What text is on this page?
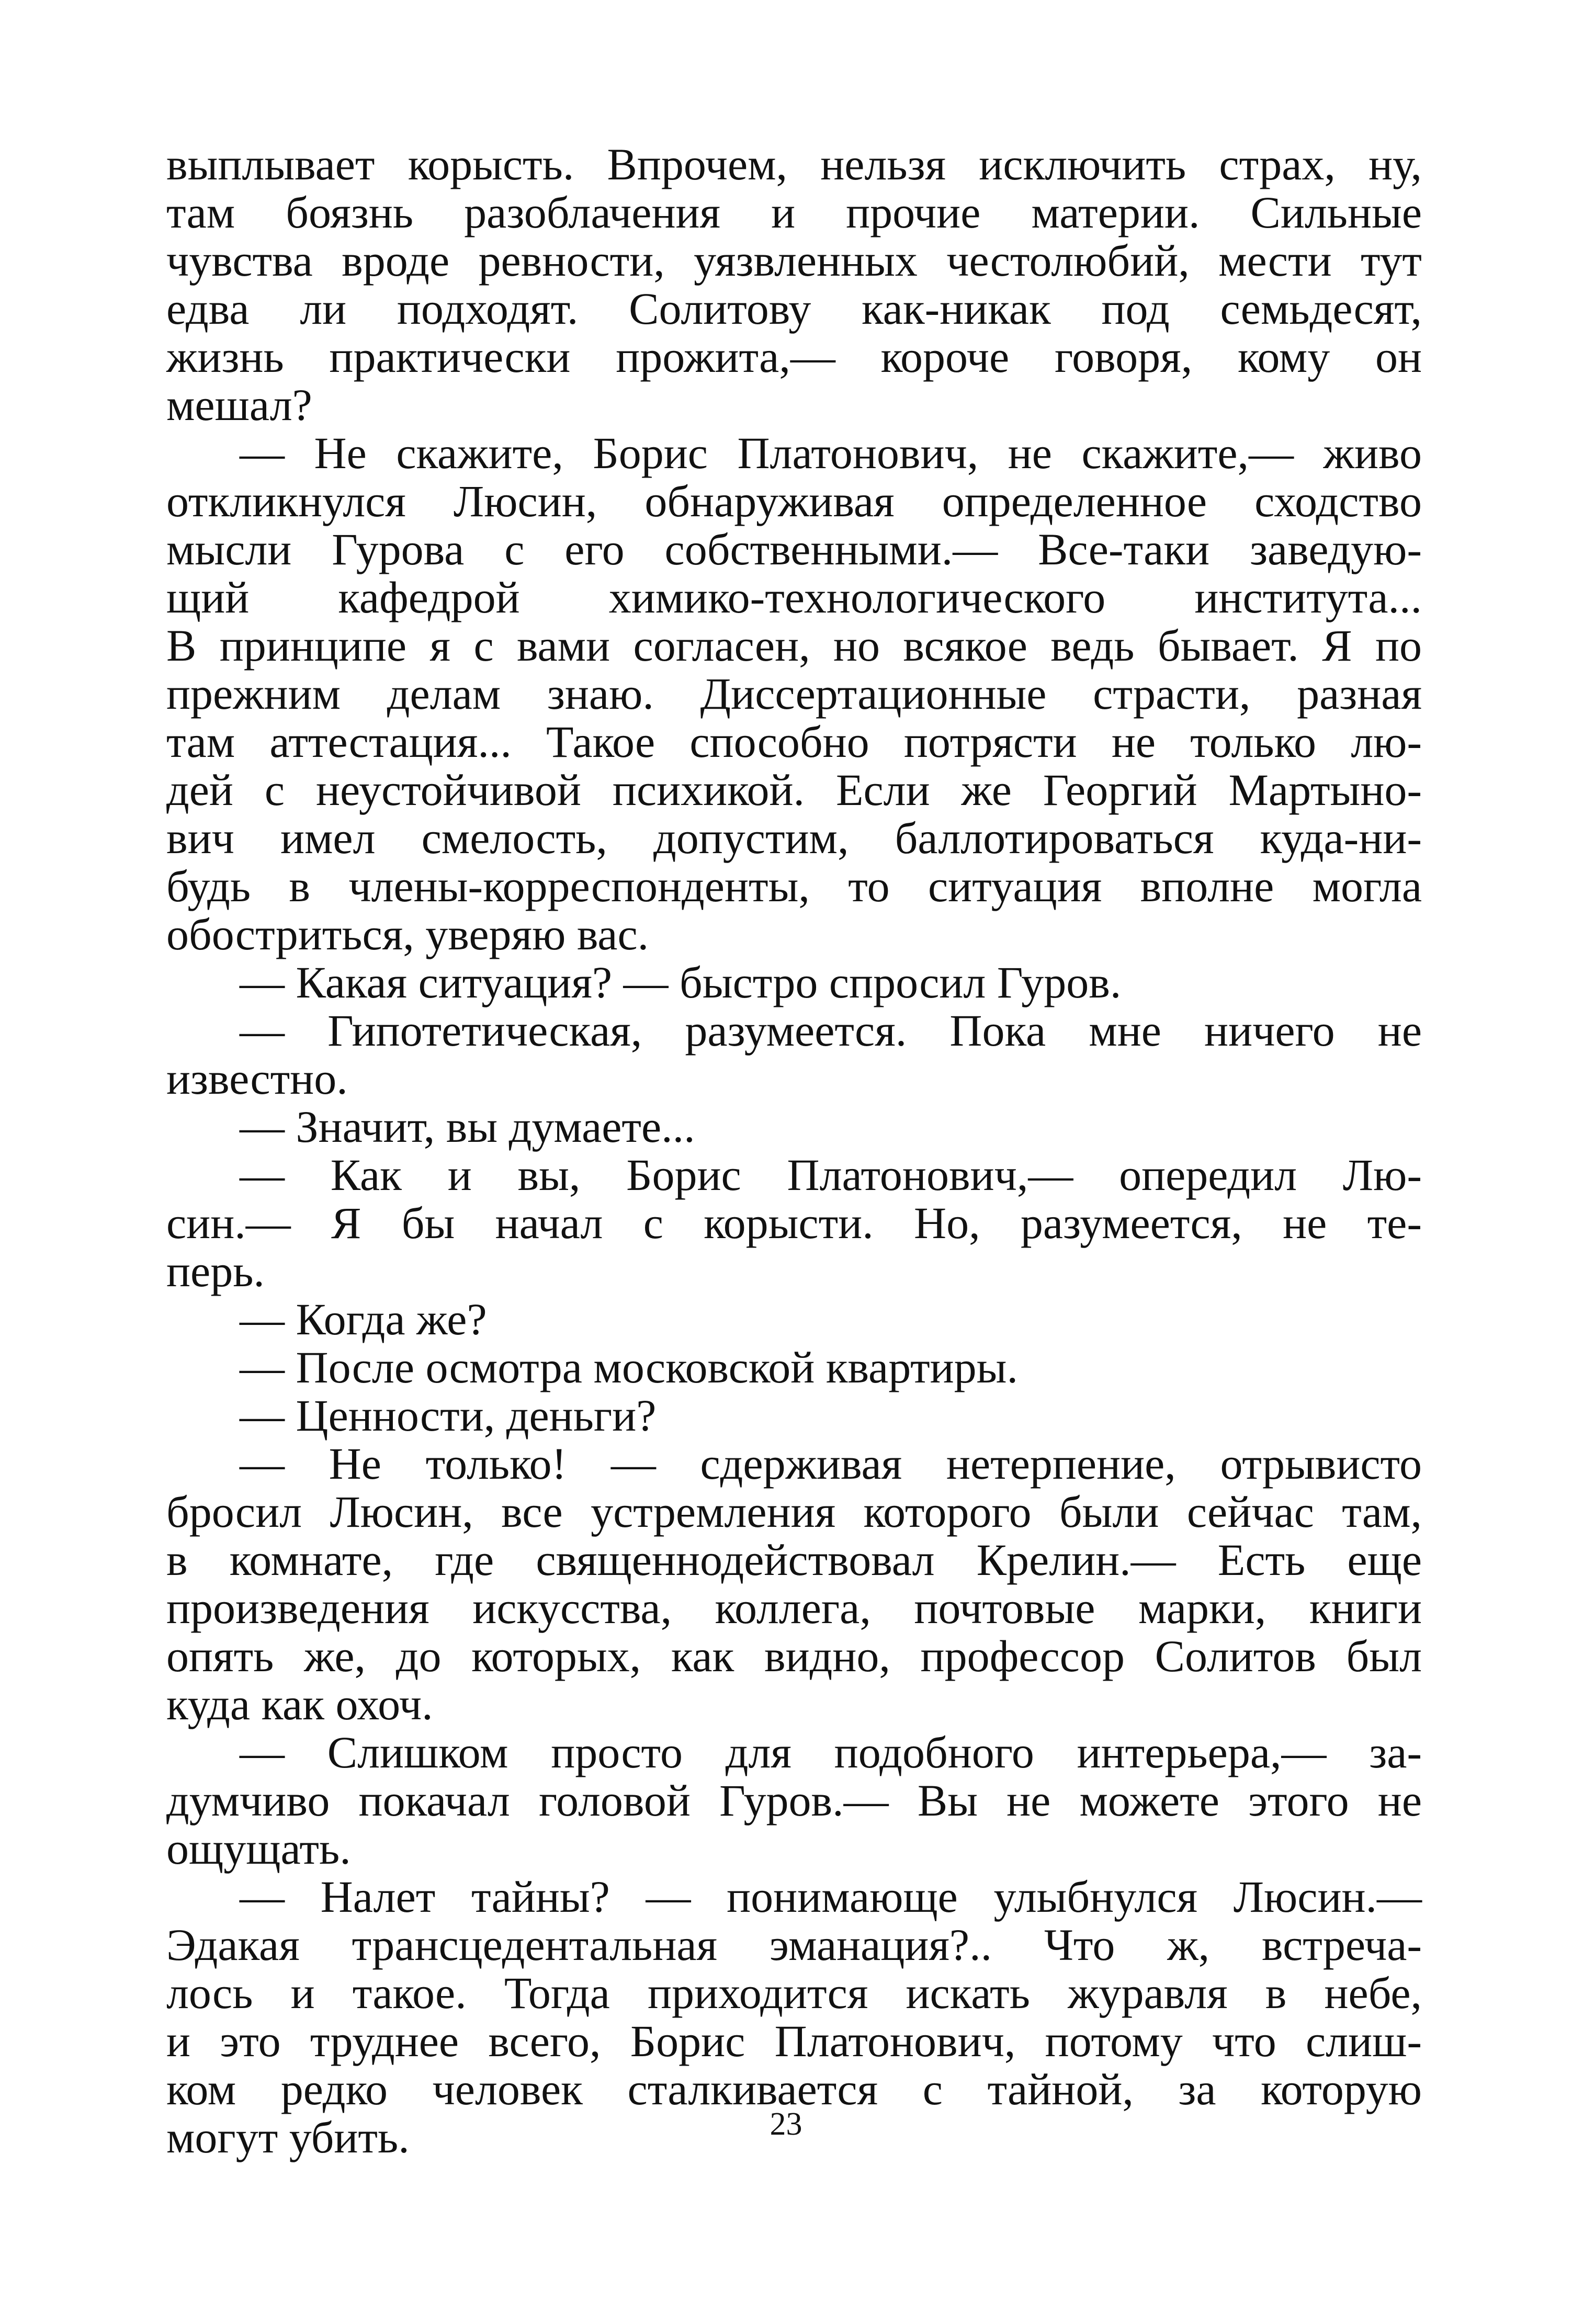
выплывает корысть. Впрочем, нельзя исключить страх, ну,
там боязнь разоблачения и прочие материи. Сильные
чувства вроде ревности, уязвленных честолюбий, мести тут
едва ли подходят. Солитову как-никак под семьдесят,
жизнь практически прожита,— короче говоря, кому он
мешал?
— Не скажите, Борис Платонович, не скажите,— живо
откликнулся Люсин, обнаруживая определенное сходство
мысли Гурова с его собственными.— Все-таки заведую-
щий кафедрой химико-технологического института...
В принципе я с вами согласен, но всякое ведь бывает. Я по
прежним делам знаю. Диссертационные страсти, разная
там аттестация... Такое способно потрясти не только лю-
дей с неустойчивой психикой. Если же Георгий Мартыно-
вич имел смелость, допустим, баллотироваться куда-ни-
будь в члены-корреспонденты, то ситуация вполне могла
обостриться, уверяю вас.
— Какая ситуация? — быстро спросил Гуров.
— Гипотетическая, разумеется. Пока мне ничего не
известно.
— Значит, вы думаете...
— Как и вы, Борис Платонович,— опередил Лю-
син.— Я бы начал с корысти. Но, разумеется, не те-
перь.
— Когда же?
— После осмотра московской квартиры.
— Ценности, деньги?
— Не только! — сдерживая нетерпение, отрывисто
бросил Люсин, все устремления которого были сейчас там,
в комнате, где священнодействовал Крелин.— Есть еще
произведения искусства, коллега, почтовые марки, книги
опять же, до которых, как видно, профессор Солитов был
куда как охоч.
— Слишком просто для подобного интерьера,— за-
думчиво покачал головой Гуров.— Вы не можете этого не
ощущать.
— Налет тайны? — понимающе улыбнулся Люсин.—
Эдакая трансцедентальная эманация?.. Что ж, встреча-
лось и такое. Тогда приходится искать журавля в небе,
и это труднее всего, Борис Платонович, потому что слиш-
ком редко человек сталкивается с тайной, за которую
могут убить.	23
